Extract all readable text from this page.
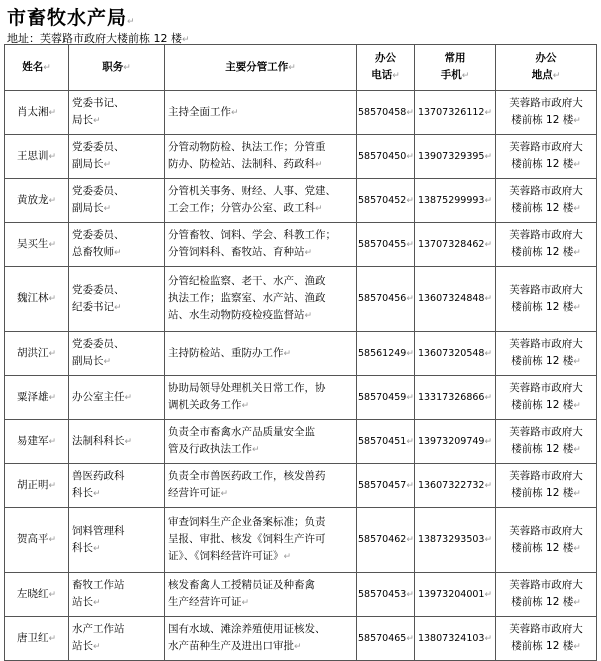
市畜牧水产局↵
地址：芙蓉路市政府大楼前栋 12 楼↵
姓名↵	职务↵	主要分管工作↵	办公
电话↵	常用
手机↵	办公
地点↵

肖太湘↵	党委书记、
局长↵	主持全面工作↵	58570458↵	13707326112↵	芙蓉路市政府大
楼前栋 12 楼↵

王思训↵	党委委员、
副局长↵	分管动物防检、执法工作；分管重
防办、防检站、法制科、药政科↵	58570450↵	13907329395↵	芙蓉路市政府大
楼前栋 12 楼↵

黄放龙↵	党委委员、
副局长↵	分管机关事务、财经、人事、党建、
工会工作；分管办公室、政工科↵	58570452↵	13875299993↵	芙蓉路市政府大
楼前栋 12 楼↵

吴买生↵	党委委员、
总畜牧师↵	分管畜牧、饲料、学会、科教工作；
分管饲料科、畜牧站、育种站↵	58570455↵	13707328462↵	芙蓉路市政府大
楼前栋 12 楼↵

魏江林↵	党委委员、
纪委书记↵	分管纪检监察、老干、水产、渔政
执法工作；监察室、水产站、渔政
站、水生动物防疫检疫监督站↵	58570456↵	13607324848↵	芙蓉路市政府大
楼前栋 12 楼↵

胡洪江↵	党委委员、
副局长↵	主持防检站、重防办工作↵	58561249↵	13607320548↵	芙蓉路市政府大
楼前栋 12 楼↵

粟泽雄↵	办公室主任↵	协助局领导处理机关日常工作，协
调机关政务工作↵	58570459↵	13317326866↵	芙蓉路市政府大
楼前栋 12 楼↵

易建军↵	法制科科长↵	负责全市畜禽水产品质量安全监
管及行政执法工作↵	58570451↵	13973209749↵	芙蓉路市政府大
楼前栋 12 楼↵

胡正明↵	兽医药政科
科长↵	负责全市兽医药政工作，核发兽药
经营许可证↵	58570457↵	13607322732↵	芙蓉路市政府大
楼前栋 12 楼↵

贺高平↵	饲料管理科
科长↵	审查饲料生产企业备案标准；负责
呈报、审批、核发《饲料生产许可
证》、《饲料经营许可证》↵	58570462↵	13873293503↵	芙蓉路市政府大
楼前栋 12 楼↵

左晓红↵	畜牧工作站
站长↵	核发畜禽人工授精员证及种畜禽
生产经营许可证↵	58570453↵	13973204001↵	芙蓉路市政府大
楼前栋 12 楼↵

唐卫红↵	水产工作站
站长↵	国有水域、滩涂养殖使用证核发、
水产苗种生产及进出口审批↵	58570465↵	13807324103↵	芙蓉路市政府大
楼前栋 12 楼↵
